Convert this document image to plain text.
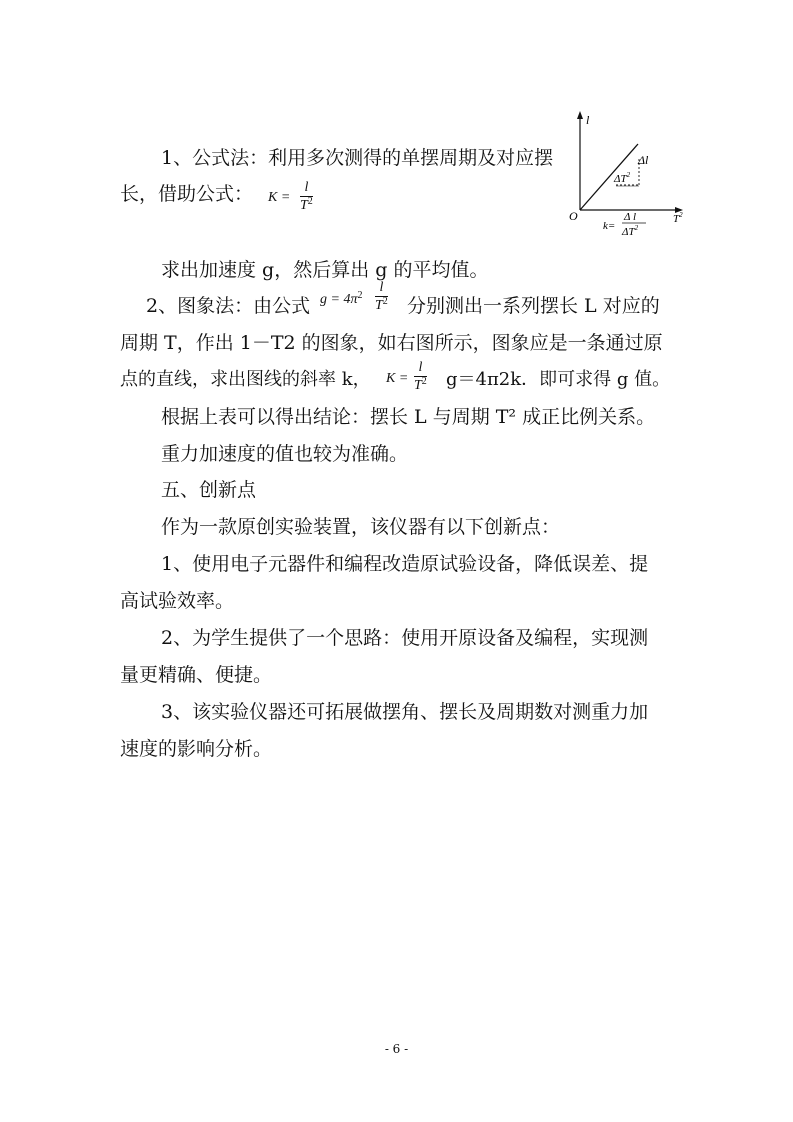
1、公式法：利用多次测得的单摆周期及对应摆
长，借助公式： K =
l
$T^2$
l
O	$T^2$
Δl
$\Delta T^2$
k=
Δ l
$\Delta T^2$
求出加速度 g，然后算出 g 的平均值。
2、图象法：由公式 $g = 4\pi^2$
l
$T^2$ 分别测出一系列摆长 L 对应的
周期 T，作出 1－T2 的图象，如右图所示，图象应是一条通过原
点的直线，求出图线的斜率 k， K =
l
$T^2$ g＝4π2k．即可求得 g 值。
根据上表可以得出结论：摆长 L 与周期 T² 成正比例关系。
重力加速度的值也较为准确。
五、创新点
作为一款原创实验装置，该仪器有以下创新点：
1、使用电子元器件和编程改造原试验设备，降低误差、提
高试验效率。
2、为学生提供了一个思路：使用开原设备及编程，实现测
量更精确、便捷。
3、该实验仪器还可拓展做摆角、摆长及周期数对测重力加
速度的影响分析。
- 6 -
